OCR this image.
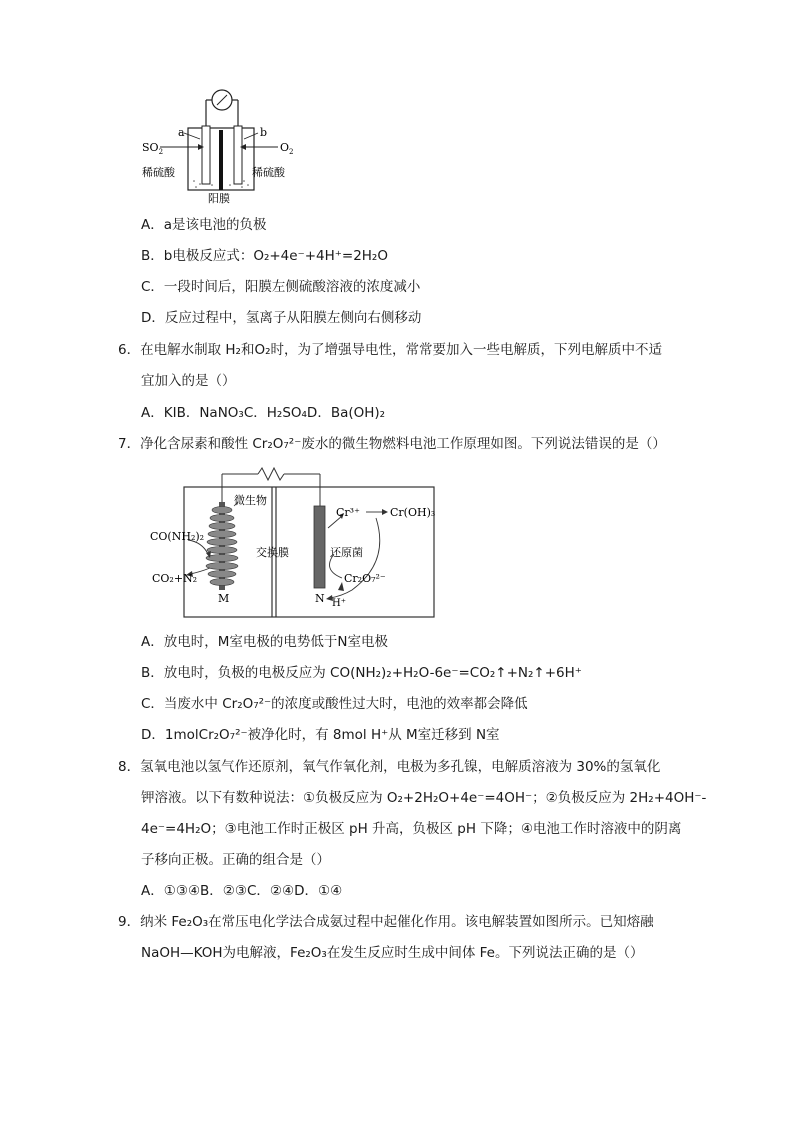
a	b
$SO_2$	$O_2$
稀硫酸	稀硫酸
阳膜
A．a是该电池的负极
B．b电极反应式：O₂+4e⁻+4H⁺=2H₂O
C．一段时间后，阳膜左侧硫酸溶液的浓度减小
D．反应过程中，氢离子从阳膜左侧向右侧移动
6．在电解水制取 H₂和O₂时，为了增强导电性，常常要加入一些电解质，下列电解质中不适
宜加入的是（）
A．KIB．NaNO₃C．H₂SO₄D．Ba(OH)₂
7．净化含尿素和酸性 Cr₂O₇²⁻废水的微生物燃料电池工作原理如图。下列说法错误的是（）
微生物
CO(NH₂)₂
CO₂+N₂
M	N
交换膜
Cr³⁺	Cr(OH)₃
还原菌
Cr₂O₇²⁻
H⁺
A．放电时，M室电极的电势低于N室电极
B．放电时，负极的电极反应为 CO(NH₂)₂+H₂O-6e⁻=CO₂↑+N₂↑+6H⁺
C．当废水中 Cr₂O₇²⁻的浓度或酸性过大时，电池的效率都会降低
D．1molCr₂O₇²⁻被净化时，有 8mol H⁺从 M室迁移到 N室
8．氢氧电池以氢气作还原剂，氧气作氧化剂，电极为多孔镍，电解质溶液为 30%的氢氧化
钾溶液。以下有数种说法：①负极反应为 O₂+2H₂O+4e⁻=4OH⁻；②负极反应为 2H₂+4OH⁻-
4e⁻=4H₂O；③电池工作时正极区 pH 升高，负极区 pH 下降；④电池工作时溶液中的阴离
子移向正极。正确的组合是（）
A．①③④B．②③C．②④D．①④
9．纳米 Fe₂O₃在常压电化学法合成氨过程中起催化作用。该电解装置如图所示。已知熔融
NaOH—KOH为电解液，Fe₂O₃在发生反应时生成中间体 Fe。下列说法正确的是（）
